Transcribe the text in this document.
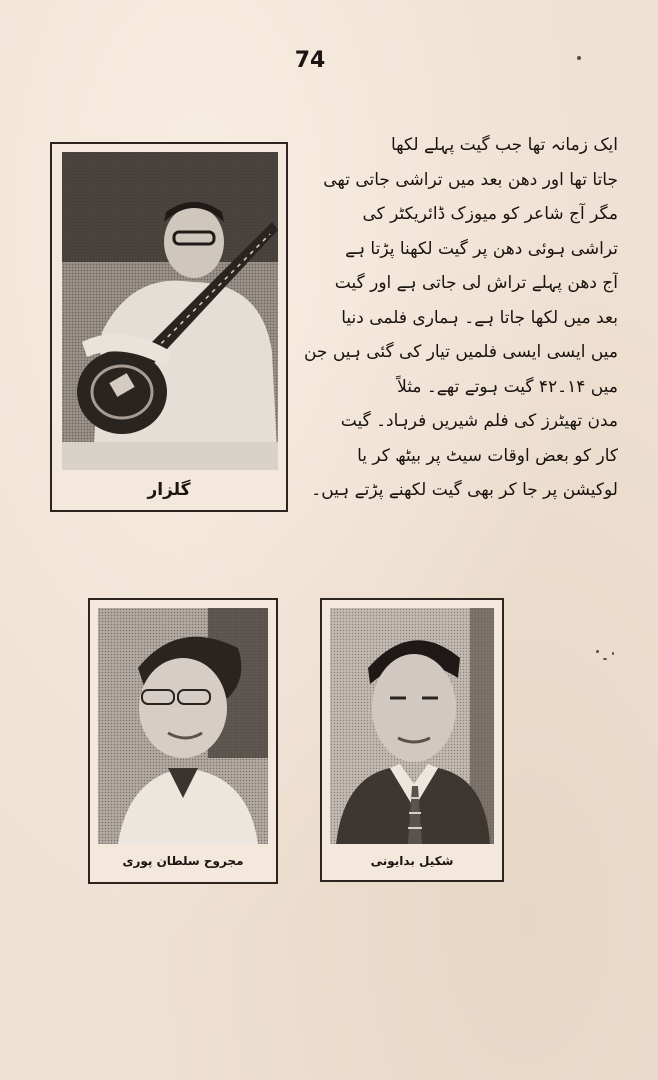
74
گلزار
ایک زمانہ تھا جب گیت پہلے لکھا
جاتا تھا اور دھن بعد میں تراشی جاتی تھی
مگر آج شاعر کو میوزک ڈائریکٹر کی
تراشی ہوئی دھن پر گیت لکھنا پڑتا ہے
آج دھن پہلے تراش لی جاتی ہے اور گیت
بعد میں لکھا جاتا ہے۔ ہماری فلمی دنیا
میں ایسی ایسی فلمیں تیار کی گئی ہیں جن
میں ۱۴۔۴۲ گیت ہوتے تھے۔ مثلاً
مدن تھیٹرز کی فلم شیریں فرہاد۔ گیت
کار کو بعض اوقات سیٹ پر بیٹھ کر یا
لوکیشن پر جا کر بھی گیت لکھنے پڑتے ہیں۔
مجروح سلطان پوری	شکیل بدایونی
